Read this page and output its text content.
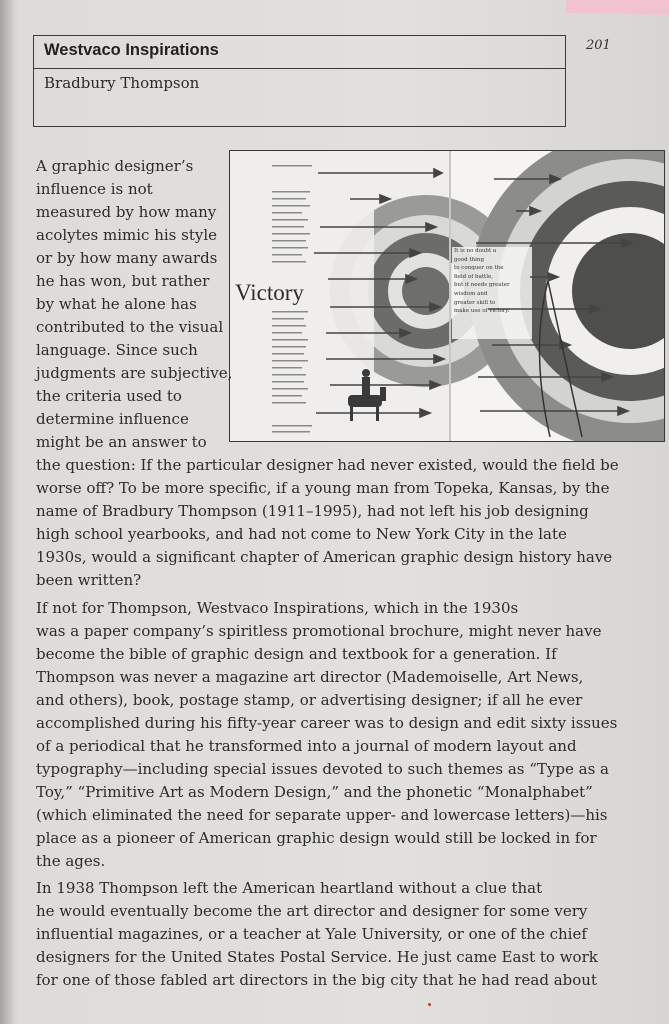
201
Westvaco Inspirations
Bradbury Thompson
Victory
It is no doubt a
good thing
to conquer on the
field of battle,
but it needs greater
wisdom and
greater skill to
make use of victory.
A graphic designer’s
influence is not
measured by how many
acolytes mimic his style
or by how many awards
he has won, but rather
by what he alone has
contributed to the visual
language. Since such
judgments are subjective,
the criteria used to
determine influence
might be an answer to
the question: If the particular designer had never existed, would the field be
worse off? To be more specific, if a young man from Topeka, Kansas, by the
name of Bradbury Thompson (1911–1995), had not left his job designing
high school yearbooks, and had not come to New York City in the late
1930s, would a significant chapter of American graphic design history have
been written?
If not for Thompson, Westvaco Inspirations, which in the 1930s
was a paper company’s spiritless promotional brochure, might never have
become the bible of graphic design and textbook for a generation. If
Thompson was never a magazine art director (Mademoiselle, Art News,
and others), book, postage stamp, or advertising designer; if all he ever
accomplished during his fifty-year career was to design and edit sixty issues
of a periodical that he transformed into a journal of modern layout and
typography—including special issues devoted to such themes as “Type as a
Toy,” “Primitive Art as Modern Design,” and the phonetic “Monalphabet”
(which eliminated the need for separate upper- and lowercase letters)—his
place as a pioneer of American graphic design would still be locked in for
the ages.
In 1938 Thompson left the American heartland without a clue that
he would eventually become the art director and designer for some very
influential magazines, or a teacher at Yale University, or one of the chief
designers for the United States Postal Service. He just came East to work
for one of those fabled art directors in the big city that he had read about
